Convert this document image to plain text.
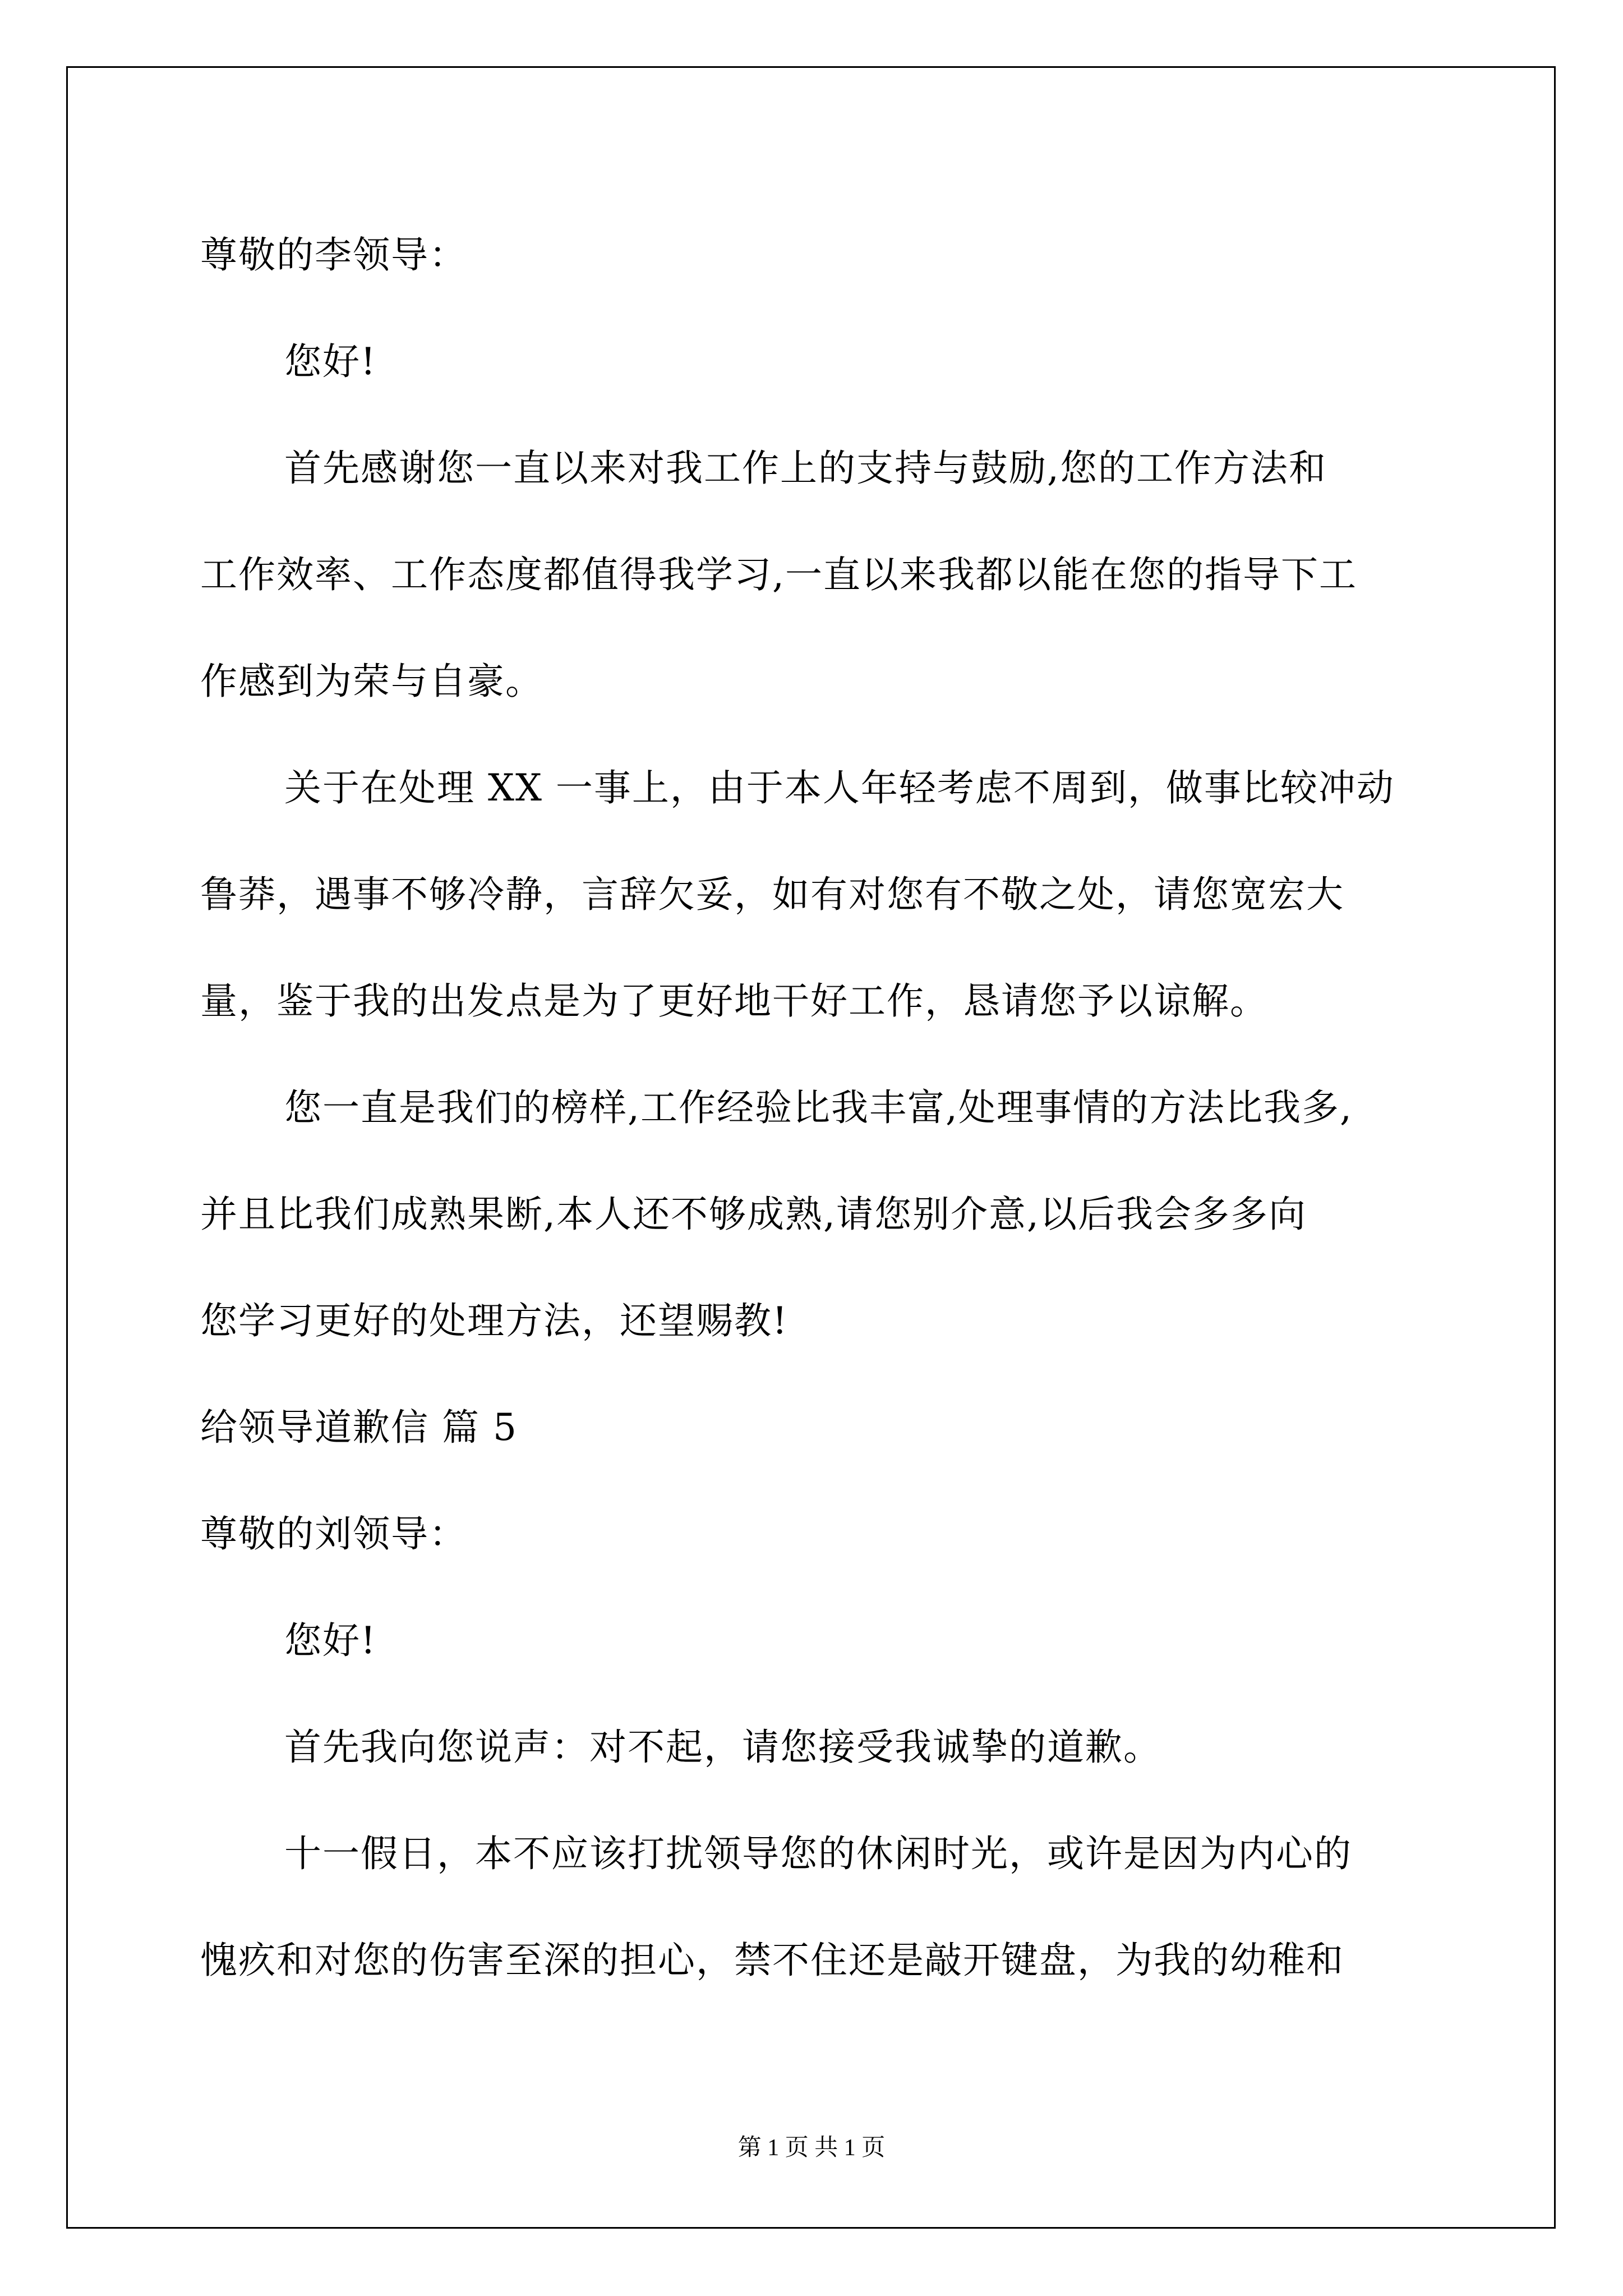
尊敬的李领导：
您好!
首先感谢您一直以来对我工作上的支持与鼓励,您的工作方法和
工作效率、工作态度都值得我学习,一直以来我都以能在您的指导下工
作感到为荣与自豪。
关于在处理 XX 一事上，由于本人年轻考虑不周到，做事比较冲动
鲁莽，遇事不够冷静，言辞欠妥，如有对您有不敬之处，请您宽宏大
量，鉴于我的出发点是为了更好地干好工作，恳请您予以谅解。
您一直是我们的榜样,工作经验比我丰富,处理事情的方法比我多,
并且比我们成熟果断,本人还不够成熟,请您别介意,以后我会多多向
您学习更好的处理方法，还望赐教!
给领导道歉信 篇 5
尊敬的刘领导：
您好!
首先我向您说声：对不起，请您接受我诚挚的道歉。
十一假日，本不应该打扰领导您的休闲时光，或许是因为内心的
愧疚和对您的伤害至深的担心，禁不住还是敲开键盘，为我的幼稚和
第 1 页 共 1 页
